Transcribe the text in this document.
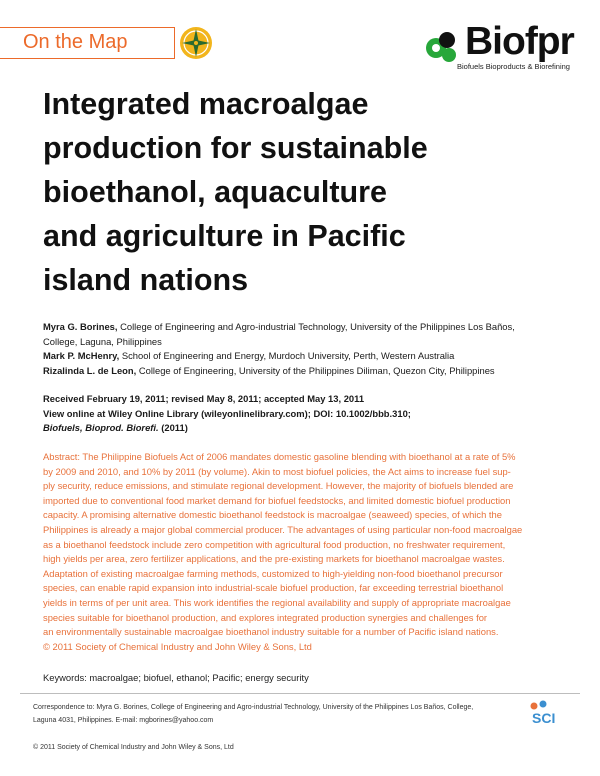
On the Map	Biofpr
Biofuels Bioproducts & Biorefining
Integrated macroalgae
production for sustainable
bioethanol, aquaculture
and agriculture in Pacific
island nations

Myra G. Borines, College of Engineering and Agro-industrial Technology, University of the Philippines Los Baños,

College, Laguna, Philippines

Mark P. McHenry, School of Engineering and Energy, Murdoch University, Perth, Western Australia

Rizalinda L. de Leon, College of Engineering, University of the Philippines Diliman, Quezon City, Philippines

Received February 19, 2011; revised May 8, 2011; accepted May 13, 2011

View online at Wiley Online Library (wileyonlinelibrary.com); DOI: 10.1002/bbb.310;

Biofuels, Bioprod. Biorefi. (2011)

Abstract: The Philippine Biofuels Act of 2006 mandates domestic gasoline blending with bioethanol at a rate of 5%

by 2009 and 2010, and 10% by 2011 (by volume). Akin to most biofuel policies, the Act aims to increase fuel sup-

ply security, reduce emissions, and stimulate regional development. However, the majority of biofuels blended are

imported due to conventional food market demand for biofuel feedstocks, and limited domestic biofuel production

capacity. A promising alternative domestic bioethanol feedstock is macroalgae (seaweed) species, of which the

Philippines is already a major global commercial producer. The advantages of using particular non-food macroalgae

as a bioethanol feedstock include zero competition with agricultural food production, no freshwater requirement,

high yields per area, zero fertilizer applications, and the pre-existing markets for bioethanol macroalgae wastes.

Adaptation of existing macroalgae farming methods, customized to high-yielding non-food bioethanol precursor

species, can enable rapid expansion into industrial-scale biofuel production, far exceeding terrestrial bioethanol

yields in terms of per unit area. This work identifies the regional availability and supply of appropriate macroalgae

species suitable for bioethanol production, and explores integrated production synergies and challenges for

an environmentally sustainable macroalgae bioethanol industry suitable for a number of Pacific island nations.

© 2011 Society of Chemical Industry and John Wiley & Sons, Ltd

Keywords: macroalgae; biofuel, ethanol; Pacific; energy security

Correspondence to: Myra G. Borines, College of Engineering and Agro-industrial Technology, University of the Philippines Los Baños, College,

Laguna 4031, Philippines. E-mail: mgborines@yahoo.com	SCI
© 2011 Society of Chemical Industry and John Wiley & Sons, Ltd
